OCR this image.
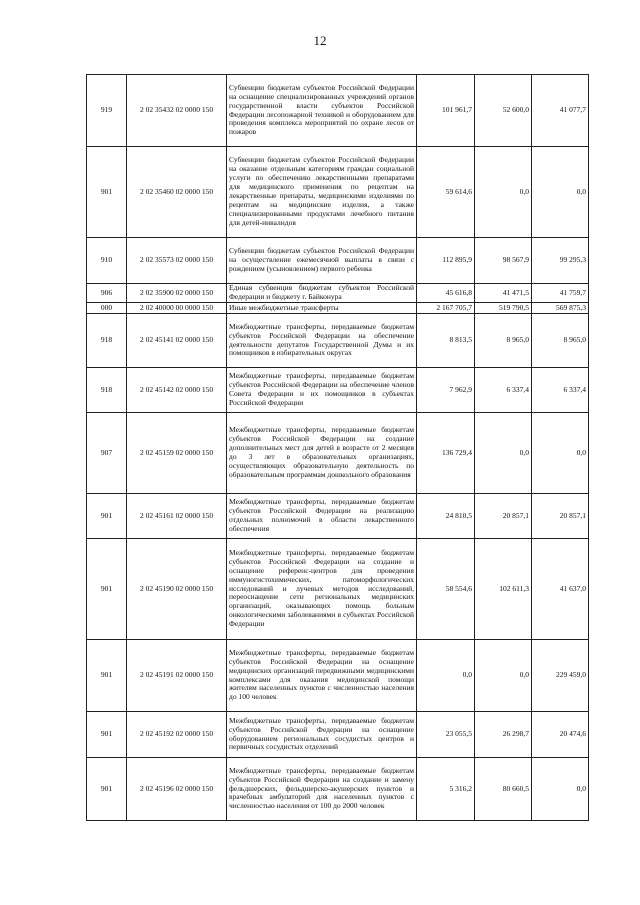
12
919	2 02 35432 02 0000 150	Субвенции бюджетам субъектов Российской Федерации на оснащение специализированных учреждений органов государственной власти субъектов Российской Федерации лесопожарной техникой и оборудованием для проведения комплекса мероприятий по охране лесов от пожаров	101 961,7	52 600,0	41 077,7
901	2 02 35460 02 0000 150	Субвенции бюджетам субъектов Российской Федерации на оказание отдельным категориям граждан социальной услуги по обеспечению лекарственными препаратами для медицинского применения по рецептам на лекарственные препараты, медицинскими изделиями по рецептам на медицинские изделия, а также специализированными продуктами лечебного питания для детей-инвалидов	59 614,6	0,0	0,0
910	2 02 35573 02 0000 150	Субвенции бюджетам субъектов Российской Федерации на осуществление ежемесячной выплаты в связи с рождением (усыновлением) первого ребенка	112 895,9	98 567,9	99 295,3
906	2 02 35900 02 0000 150	Единая субвенция бюджетам субъектов Российской Федерации и бюджету г. Байконура	45 616,8	41 471,5	41 759,7
000	2 02 40000 00 0000 150	Иные межбюджетные трансферты	2 167 705,7	519 790,5	569 875,3
918	2 02 45141 02 0000 150	Межбюджетные трансферты, передаваемые бюджетам субъектов Российской Федерации на обеспечение деятельности депутатов Государственной Думы и их помощников в избирательных округах	8 813,5	8 965,0	8 965,0
918	2 02 45142 02 0000 150	Межбюджетные трансферты, передаваемые бюджетам субъектов Российской Федерации на обеспечение членов Совета Федерации и их помощников в субъектах Российской Федерации	7 962,9	6 337,4	6 337,4
907	2 02 45159 02 0000 150	Межбюджетные трансферты, передаваемые бюджетам субъектов Российской Федерации на создание дополнительных мест для детей в возрасте от 2 месяцев до 3 лет в образовательных организациях, осуществляющих образовательную деятельность по образовательным программам дошкольного образования	136 729,4	0,0	0,0
901	2 02 45161 02 0000 150	Межбюджетные трансферты, передаваемые бюджетам субъектов Российской Федерации на реализацию отдельных полномочий в области лекарственного обеспечения	24 810,5	20 857,1	20 857,1
901	2 02 45190 02 0000 150	Межбюджетные трансферты, передаваемые бюджетам субъектов Российской Федерации на создание и оснащение референс-центров для проведения иммуногистохимических, патоморфологических исследований и лучевых методов исследований, переоснащение сети региональных медицинских организаций, оказывающих помощь больным онкологическими заболеваниями в субъектах Российской Федерации	58 554,6	102 611,3	41 637,0
901	2 02 45191 02 0000 150	Межбюджетные трансферты, передаваемые бюджетам субъектов Российской Федерации на оснащение медицинских организаций передвижными медицинскими комплексами для оказания медицинской помощи жителям населенных пунктов с численностью населения до 100 человек	0,0	0,0	229 459,0
901	2 02 45192 02 0000 150	Межбюджетные трансферты, передаваемые бюджетам субъектов Российской Федерации на оснащение оборудованием региональных сосудистых центров и первичных сосудистых отделений	23 055,5	26 298,7	20 474,6
901	2 02 45196 02 0000 150	Межбюджетные трансферты, передаваемые бюджетам субъектов Российской Федерации на создание и замену фельдшерских, фельдшерско-акушерских пунктов и врачебных амбулаторий для населенных пунктов с численностью населения от 100 до 2000 человек	5 316,2	80 660,5	0,0
